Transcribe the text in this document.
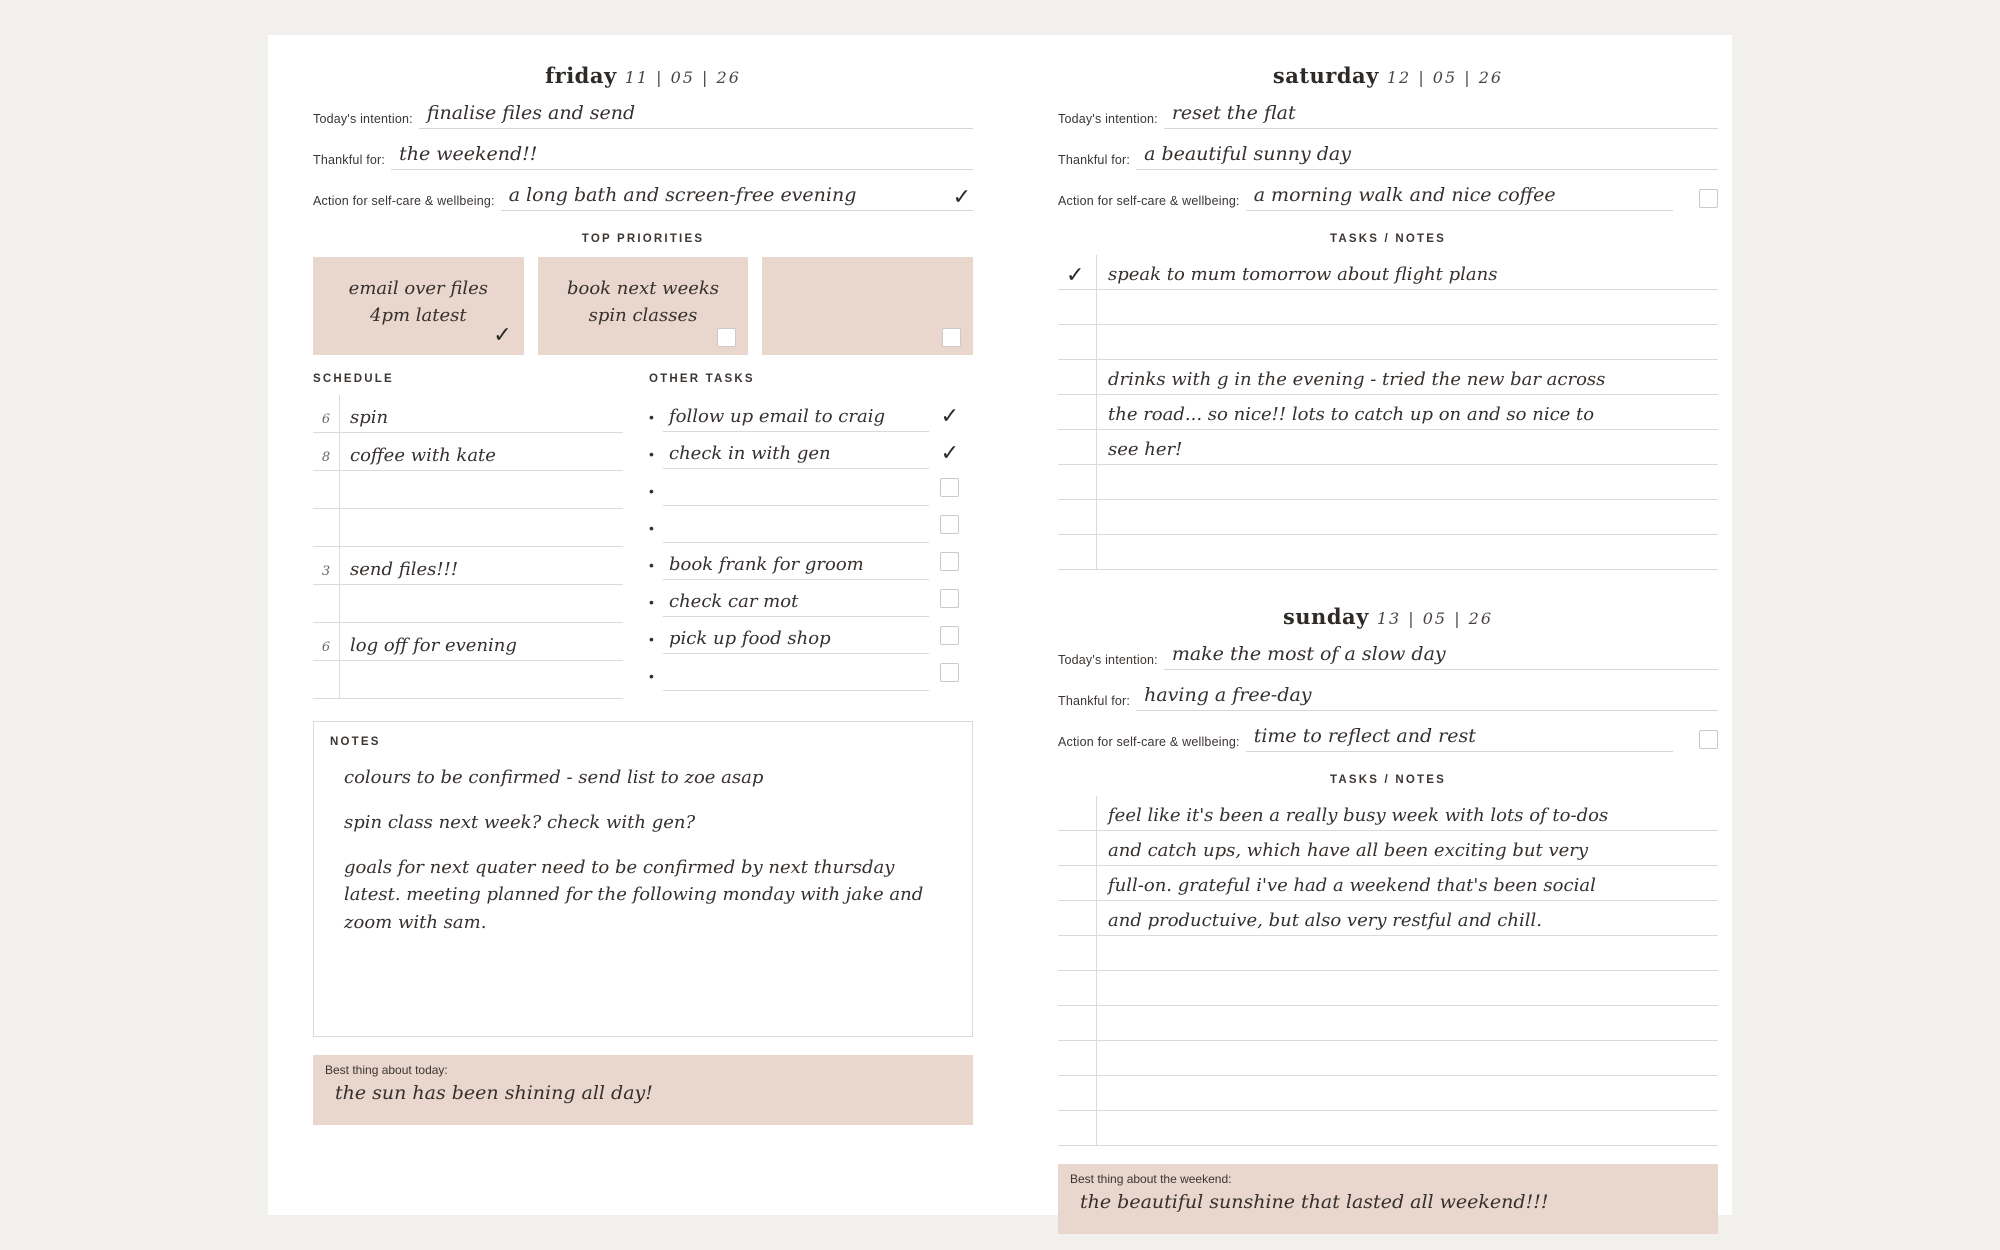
friday 11 | 05 | 26
Today's intention: finalise files and send
Thankful for: the weekend!!
Action for self-care & wellbeing: a long bath and screen-free evening	✓
TOP PRIORITIES
email over files
4pm latest
✓
book next weeks
spin classes
SCHEDULE
6	spin
8	coffee with kate
3	send files!!!
6	log off for evening
OTHER TASKS
• follow up email to craig	✓
• check in with gen	✓
•
•
• book frank for groom
• check car mot
• pick up food shop
•
NOTES
colours to be confirmed - send list to zoe asap
spin class next week? check with gen?
goals for next quater need to be confirmed by next thursday latest. meeting planned for the following monday with jake and zoom with sam.
Best thing about today:
the sun has been shining all day!
saturday 12 | 05 | 26
Today's intention: reset the flat
Thankful for: a beautiful sunny day
Action for self-care & wellbeing: a morning walk and nice coffee
TASKS / NOTES
✓ speak to mum tomorrow about flight plans
drinks with g in the evening - tried the new bar across
the road... so nice!! lots to catch up on and so nice to
see her!
sunday 13 | 05 | 26
Today's intention: make the most of a slow day
Thankful for: having a free-day
Action for self-care & wellbeing: time to reflect and rest
TASKS / NOTES
feel like it's been a really busy week with lots of to-dos
and catch ups, which have all been exciting but very
full-on. grateful i've had a weekend that's been social
and productuive, but also very restful and chill.
Best thing about the weekend:
the beautiful sunshine that lasted all weekend!!!
